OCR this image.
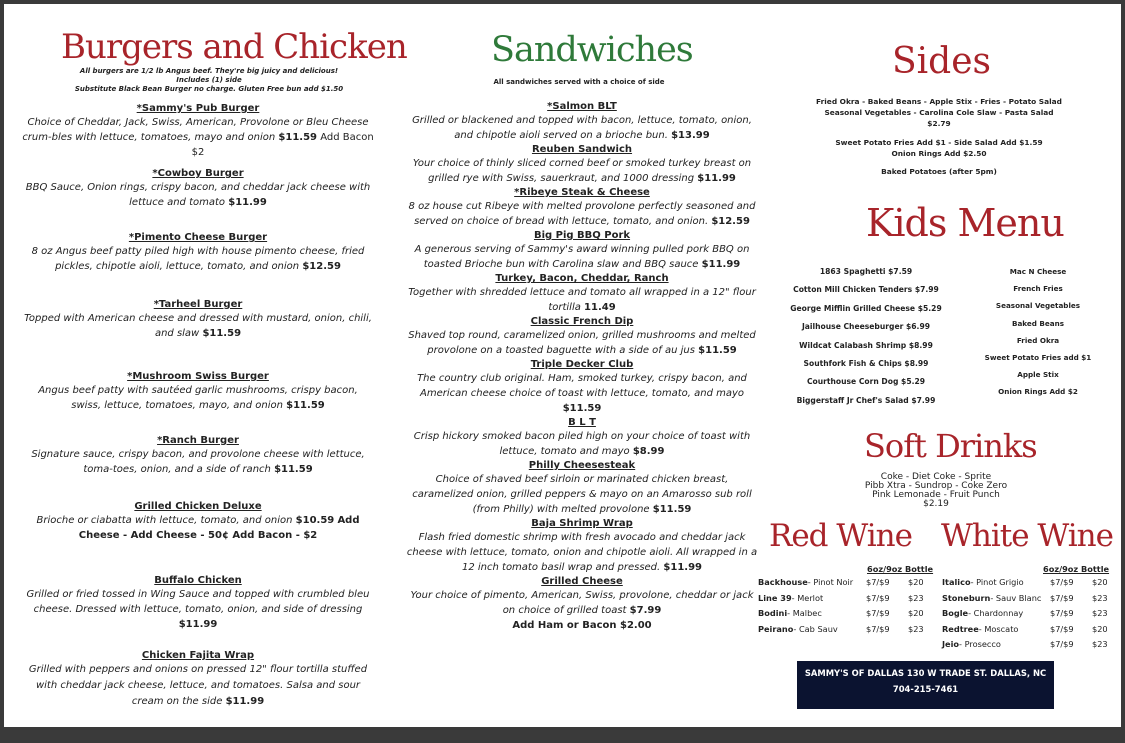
Burgers and Chicken
All burgers are 1/2 lb Angus beef. They're big juicy and delicious!
Includes (1) side
Substitute Black Bean Burger no charge. Gluten Free bun add $1.50
*Sammy's Pub Burger
Choice of Cheddar, Jack, Swiss, American, Provolone or Bleu Cheese crum-bles with lettuce, tomatoes, mayo and onion $11.59 Add Bacon $2
*Cowboy Burger
BBQ Sauce, Onion rings, crispy bacon, and cheddar jack cheese with lettuce and tomato $11.99
*Pimento Cheese Burger
8 oz Angus beef patty piled high with house pimento cheese, fried pickles, chipotle aioli, lettuce, tomato, and onion $12.59
*Tarheel Burger
Topped with American cheese and dressed with mustard, onion, chili, and slaw $11.59
*Mushroom Swiss Burger
Angus beef patty with sautéed garlic mushrooms, crispy bacon, swiss, lettuce, tomatoes, mayo, and onion $11.59
*Ranch Burger
Signature sauce, crispy bacon, and provolone cheese with lettuce, toma-toes, onion, and a side of ranch $11.59
Grilled Chicken Deluxe
Brioche or ciabatta with lettuce, tomato, and onion $10.59 Add Cheese - Add Cheese - 50¢ Add Bacon - $2
Buffalo Chicken
Grilled or fried tossed in Wing Sauce and topped with crumbled bleu cheese. Dressed with lettuce, tomato, onion, and side of dressing $11.99
Chicken Fajita Wrap
Grilled with peppers and onions on pressed 12" flour tortilla stuffed with cheddar jack cheese, lettuce, and tomatoes. Salsa and sour cream on the side $11.99
Sandwiches
All sandwiches served with a choice of side
*Salmon BLT
Grilled or blackened and topped with bacon, lettuce, tomato, onion, and chipotle aioli served on a brioche bun. $13.99
Reuben Sandwich
Your choice of thinly sliced corned beef or smoked turkey breast on grilled rye with Swiss, sauerkraut, and 1000 dressing $11.99
*Ribeye Steak & Cheese
8 oz house cut Ribeye with melted provolone perfectly seasoned and served on choice of bread with lettuce, tomato, and onion. $12.59
Big Pig BBQ Pork
A generous serving of Sammy's award winning pulled pork BBQ on toasted Brioche bun with Carolina slaw and BBQ sauce $11.99
Turkey, Bacon, Cheddar, Ranch
Together with shredded lettuce and tomato all wrapped in a 12" flour tortilla 11.49
Classic French Dip
Shaved top round, caramelized onion, grilled mushrooms and melted provolone on a toasted baguette with a side of au jus $11.59
Triple Decker Club
The country club original. Ham, smoked turkey, crispy bacon, and American cheese choice of toast with lettuce, tomato, and mayo $11.59
B L T
Crisp hickory smoked bacon piled high on your choice of toast with lettuce, tomato and mayo $8.99
Philly Cheesesteak
Choice of shaved beef sirloin or marinated chicken breast, caramelized onion, grilled peppers & mayo on an Amarosso sub roll (from Philly) with melted provolone $11.59
Baja Shrimp Wrap
Flash fried domestic shrimp with fresh avocado and cheddar jack cheese with lettuce, tomato, onion and chipotle aioli. All wrapped in a 12 inch tomato basil wrap and pressed. $11.99
Grilled Cheese
Your choice of pimento, American, Swiss, provolone, cheddar or jack on choice of grilled toast $7.99
Add Ham or Bacon $2.00
Sides
Fried Okra - Baked Beans - Apple Stix - Fries - Potato Salad
Seasonal Vegetables - Carolina Cole Slaw - Pasta Salad
$2.79
Sweet Potato Fries Add $1 - Side Salad Add $1.59
Onion Rings Add $2.50
Baked Potatoes (after 5pm)
Kids Menu
1863 Spaghetti $7.59
Cotton Mill Chicken Tenders $7.99
George Mifflin Grilled Cheese $5.29
Jailhouse Cheeseburger $6.99
Wildcat Calabash Shrimp $8.99
Southfork Fish & Chips $8.99
Courthouse Corn Dog $5.29
Biggerstaff Jr Chef's Salad $7.99
Mac N Cheese
French Fries
Seasonal Vegetables
Baked Beans
Fried Okra
Sweet Potato Fries add $1
Apple Stix
Onion Rings Add $2
Soft Drinks
Coke - Diet Coke - Sprite
Pibb Xtra - Sundrop - Coke Zero
Pink Lemonade - Fruit Punch
$2.19
Red Wine White Wine
6oz/9oz Bottle	6oz/9oz Bottle
Backhouse- Pinot Noir	$7/$9	$20
Line 39- Merlot	$7/$9	$23
Bodini- Malbec	$7/$9	$20
Peirano- Cab Sauv	$7/$9	$23
Italico- Pinot Grigio	$7/$9	$20
Stoneburn- Sauv Blanc	$7/$9	$23
Bogle- Chardonnay	$7/$9	$23
Redtree- Moscato	$7/$9	$20
Jeio- Prosecco	$7/$9	$23
SAMMY'S OF DALLAS 130 W TRADE ST. DALLAS, NC
704-215-7461
